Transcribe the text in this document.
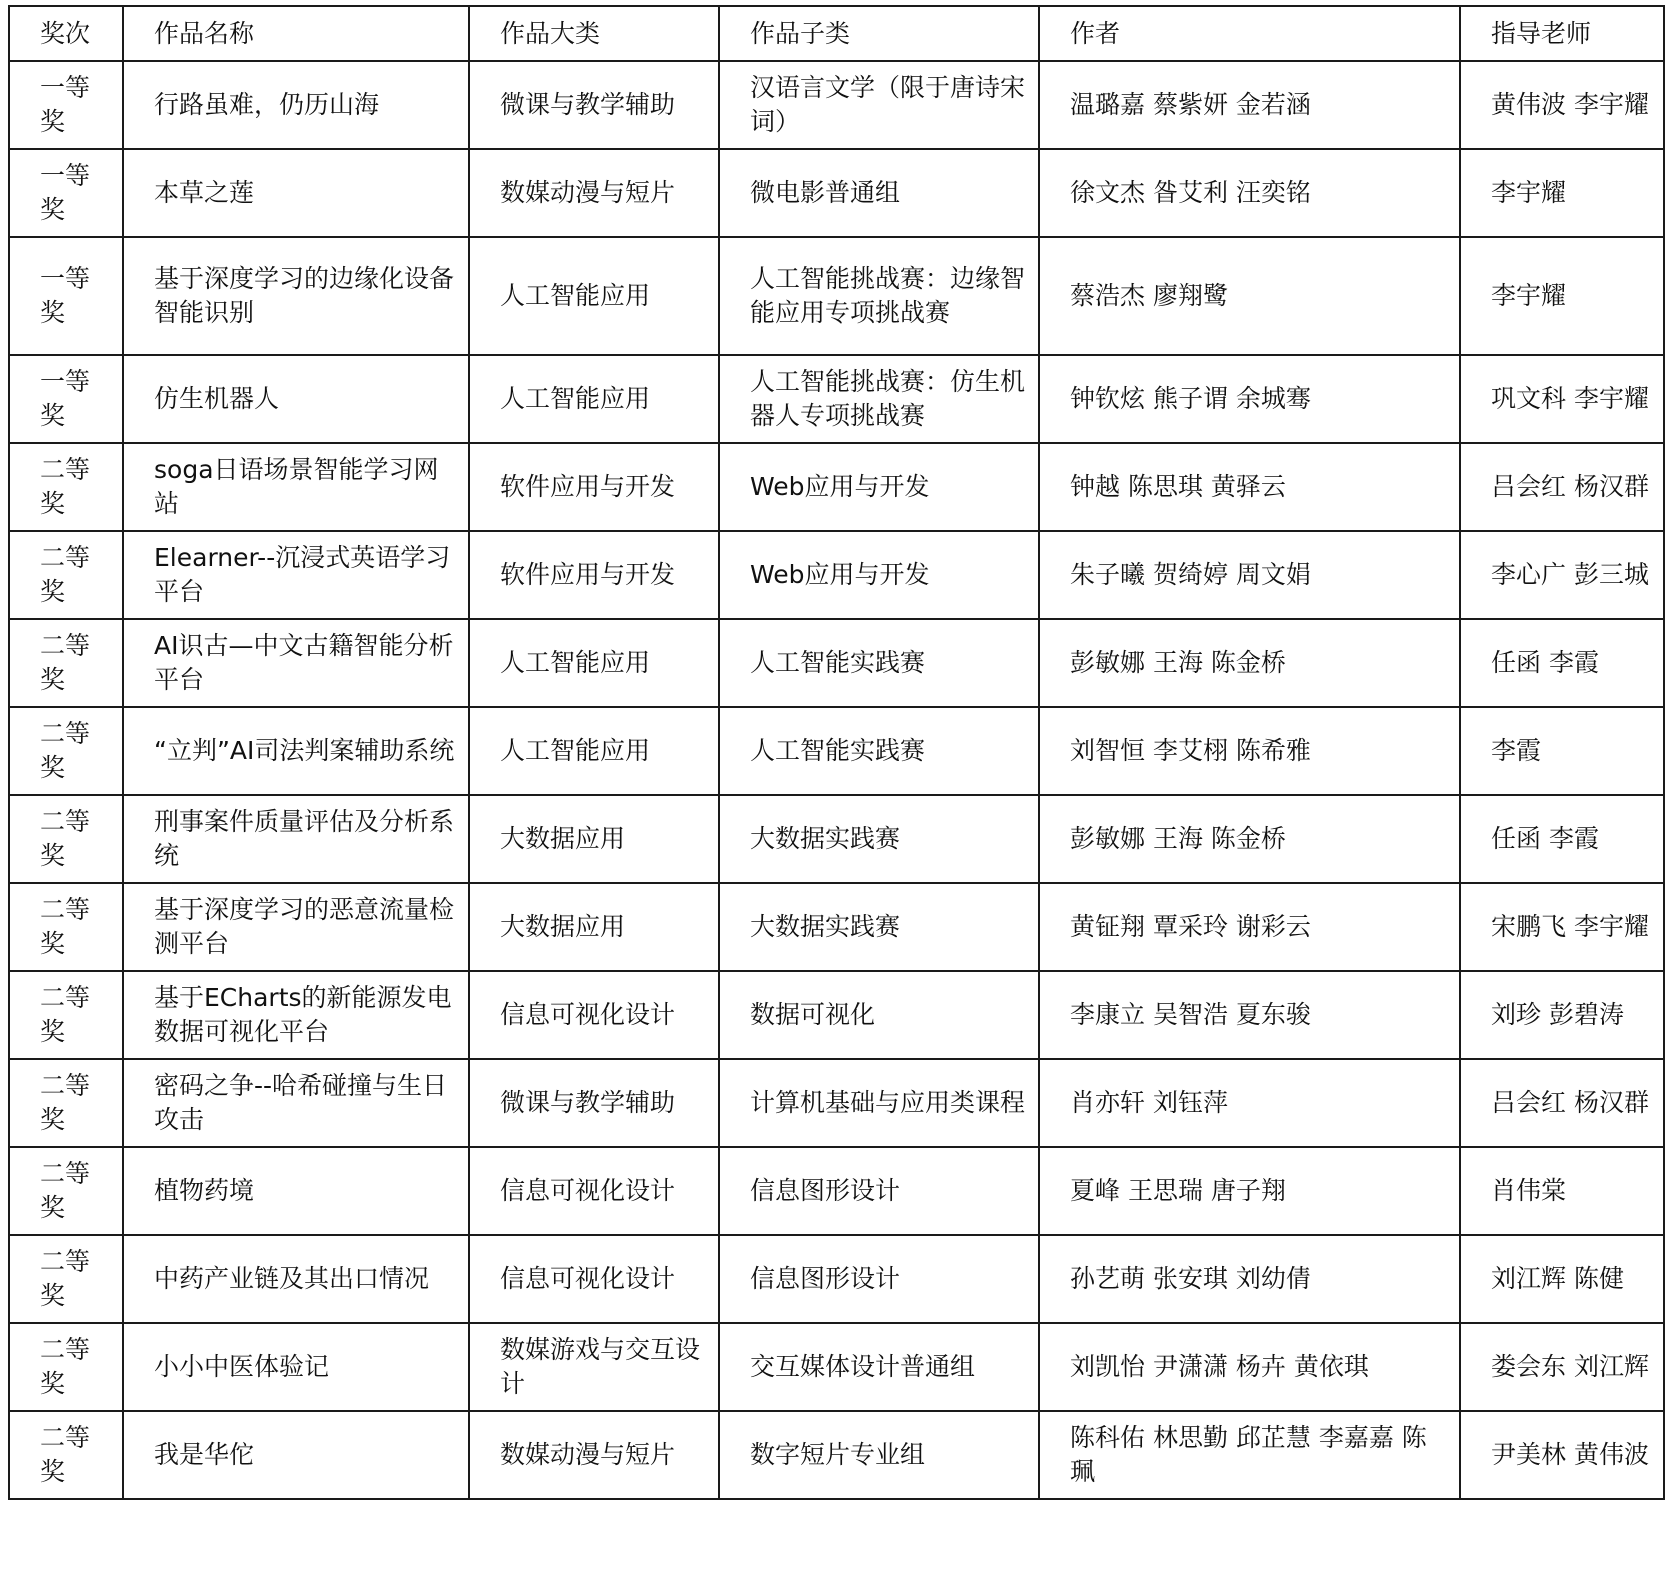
奖次	作品名称	作品大类	作品子类	作者	指导老师
一等奖	行路虽难，仍历山海	微课与教学辅助	汉语言文学（限于唐诗宋词）	温璐嘉 蔡紫妍 金若涵	黄伟波 李宇耀
一等奖	本草之莲	数媒动漫与短片	微电影普通组	徐文杰 昝艾利 汪奕铭	李宇耀
一等奖	基于深度学习的边缘化设备智能识别	人工智能应用	人工智能挑战赛：边缘智能应用专项挑战赛	蔡浩杰 廖翔鹭	李宇耀
一等奖	仿生机器人	人工智能应用	人工智能挑战赛：仿生机器人专项挑战赛	钟钦炫 熊子谓 余城骞	巩文科 李宇耀
二等奖	soga日语场景智能学习网站	软件应用与开发	Web应用与开发	钟越 陈思琪 黄驿云	吕会红 杨汉群
二等奖	Elearner--沉浸式英语学习平台	软件应用与开发	Web应用与开发	朱子曦 贺绮婷 周文娟	李心广 彭三城
二等奖	AI识古—中文古籍智能分析平台	人工智能应用	人工智能实践赛	彭敏娜 王海 陈金桥	任函 李霞
二等奖	“立判”AI司法判案辅助系统	人工智能应用	人工智能实践赛	刘智恒 李艾栩 陈希雅	李霞
二等奖	刑事案件质量评估及分析系统	大数据应用	大数据实践赛	彭敏娜 王海 陈金桥	任函 李霞
二等奖	基于深度学习的恶意流量检测平台	大数据应用	大数据实践赛	黄钲翔 覃采玲 谢彩云	宋鹏飞 李宇耀
二等奖	基于ECharts的新能源发电数据可视化平台	信息可视化设计	数据可视化	李康立 吴智浩 夏东骏	刘珍 彭碧涛
二等奖	密码之争--哈希碰撞与生日攻击	微课与教学辅助	计算机基础与应用类课程	肖亦轩 刘钰萍	吕会红 杨汉群
二等奖	植物药境	信息可视化设计	信息图形设计	夏峰 王思瑞 唐子翔	肖伟棠
二等奖	中药产业链及其出口情况	信息可视化设计	信息图形设计	孙艺萌 张安琪 刘幼倩	刘江辉 陈健
二等奖	小小中医体验记	数媒游戏与交互设计	交互媒体设计普通组	刘凯怡 尹潇潇 杨卉 黄依琪	娄会东 刘江辉
二等奖	我是华佗	数媒动漫与短片	数字短片专业组	陈科佑 林思勤 邱芷慧 李嘉嘉 陈珮	尹美林 黄伟波
